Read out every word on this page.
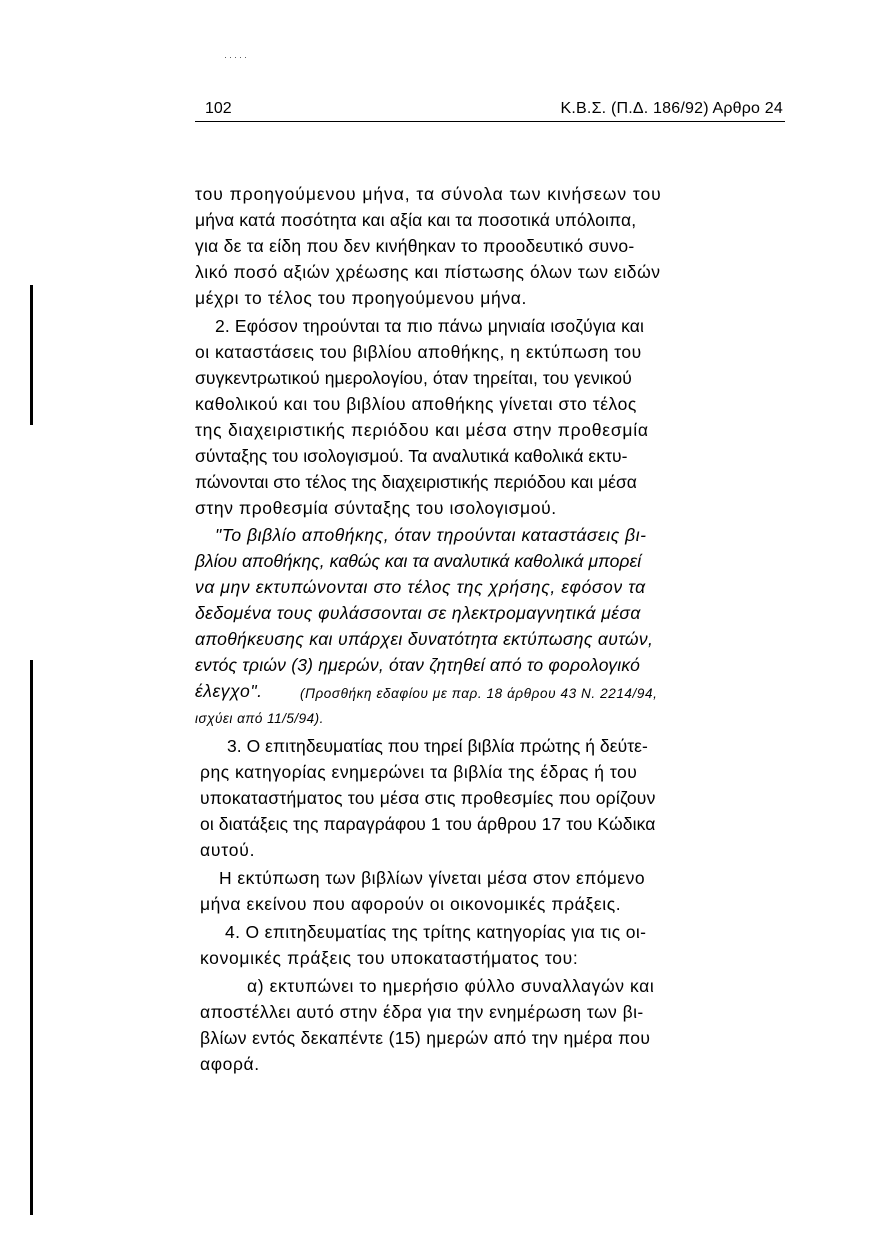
·····
102	Κ.Β.Σ. (Π.Δ. 186/92) Αρθρο 24
του προηγούμενου μήνα, τα σύνολα των κινήσεων του
μήνα κατά ποσότητα και αξία και τα ποσοτικά υπόλοιπα,
για δε τα είδη που δεν κινήθηκαν το προοδευτικό συνο-
λικό ποσό αξιών χρέωσης και πίστωσης όλων των ειδών
μέχρι το τέλος του προηγούμενου μήνα.
2. Εφόσον τηρούνται τα πιο πάνω μηνιαία ισοζύγια και
οι καταστάσεις του βιβλίου αποθήκης, η εκτύπωση του
συγκεντρωτικού ημερολογίου, όταν τηρείται, του γενικού
καθολικού και του βιβλίου αποθήκης γίνεται στο τέλος
της διαχειριστικής περιόδου και μέσα στην προθεσμία
σύνταξης του ισολογισμού. Τα αναλυτικά καθολικά εκτυ-
πώνονται στο τέλος της διαχειριστικής περιόδου και μέσα
στην προθεσμία σύνταξης του ισολογισμού.
"Το βιβλίο αποθήκης, όταν τηρούνται καταστάσεις βι-
βλίου αποθήκης, καθώς και τα αναλυτικά καθολικά μπορεί
να μην εκτυπώνονται στο τέλος της χρήσης, εφόσον τα
δεδομένα τους φυλάσσονται σε ηλεκτρομαγνητικά μέσα
αποθήκευσης και υπάρχει δυνατότητα εκτύπωσης αυτών,
εντός τριών (3) ημερών, όταν ζητηθεί από το φορολογικό
έλεγχο".	(Προσθήκη εδαφίου με παρ. 18 άρθρου 43 Ν. 2214/94,
ισχύει από 11/5/94).
3. Ο επιτηδευματίας που τηρεί βιβλία πρώτης ή δεύτε-
ρης κατηγορίας ενημερώνει τα βιβλία της έδρας ή του
υποκαταστήματος του μέσα στις προθεσμίες που ορίζουν
οι διατάξεις της παραγράφου 1 του άρθρου 17 του Κώδικα
αυτού.
Η εκτύπωση των βιβλίων γίνεται μέσα στον επόμενο
μήνα εκείνου που αφορούν οι οικονομικές πράξεις.
4. Ο επιτηδευματίας της τρίτης κατηγορίας για τις οι-
κονομικές πράξεις του υποκαταστήματος του:
α) εκτυπώνει το ημερήσιο φύλλο συναλλαγών και
αποστέλλει αυτό στην έδρα για την ενημέρωση των βι-
βλίων εντός δεκαπέντε (15) ημερών από την ημέρα που
αφορά.
